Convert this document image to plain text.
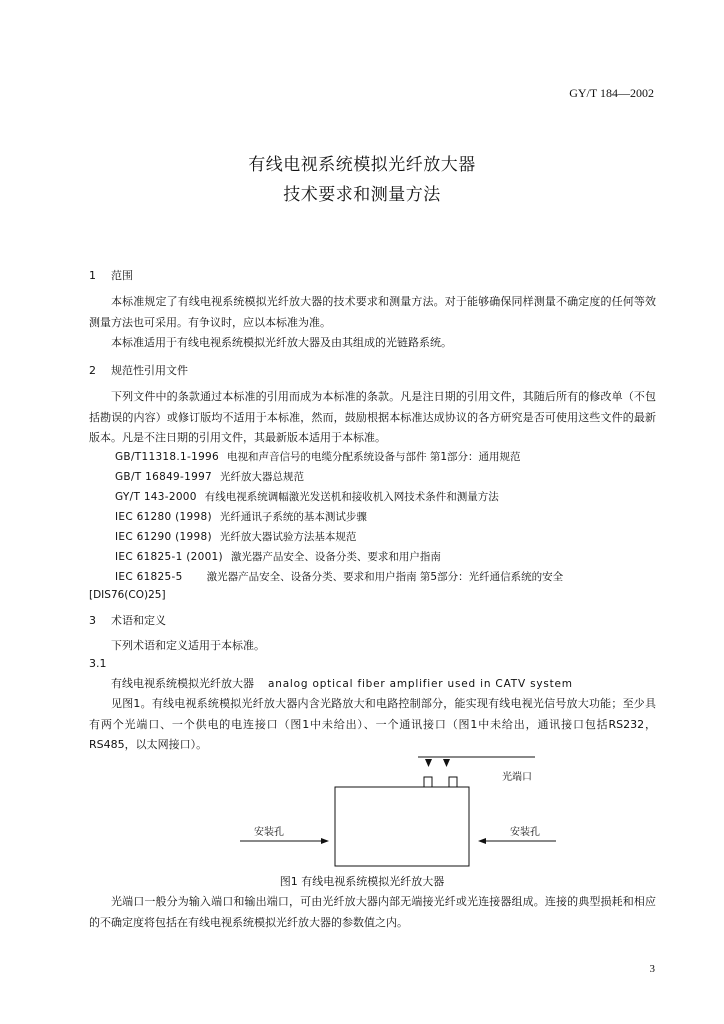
GY/T 184—2002
有线电视系统模拟光纤放大器
技术要求和测量方法
1 范围
本标准规定了有线电视系统模拟光纤放大器的技术要求和测量方法。对于能够确保同样测量不确定度的任何等效测量方法也可采用。有争议时，应以本标准为准。
本标准适用于有线电视系统模拟光纤放大器及由其组成的光链路系统。
2 规范性引用文件
下列文件中的条款通过本标准的引用而成为本标准的条款。凡是注日期的引用文件，其随后所有的修改单（不包括勘误的内容）或修订版均不适用于本标准，然而，鼓励根据本标准达成协议的各方研究是否可使用这些文件的最新版本。凡是不注日期的引用文件，其最新版本适用于本标准。
GB/T11318.1-1996 电视和声音信号的电缆分配系统设备与部件 第1部分：通用规范
GB/T 16849-1997 光纤放大器总规范
GY/T 143-2000 有线电视系统调幅激光发送机和接收机入网技术条件和测量方法
IEC 61280 (1998) 光纤通讯子系统的基本测试步骤
IEC 61290 (1998) 光纤放大器试验方法基本规范
IEC 61825-1 (2001) 激光器产品安全、设备分类、要求和用户指南
IEC 61825-5 激光器产品安全、设备分类、要求和用户指南 第5部分：光纤通信系统的安全
[DIS76(CO)25]
3 术语和定义
下列术语和定义适用于本标准。
3.1
有线电视系统模拟光纤放大器 analog optical fiber amplifier used in CATV system
见图1。有线电视系统模拟光纤放大器内含光路放大和电路控制部分，能实现有线电视光信号放大功能；至少具有两个光端口、一个供电的电连接口（图1中未给出）、一个通讯接口（图1中未给出，通讯接口包括RS232，RS485，以太网接口）。
光端口
安装孔	安装孔
图1 有线电视系统模拟光纤放大器
光端口一般分为输入端口和输出端口，可由光纤放大器内部无端接光纤或光连接器组成。连接的典型损耗和相应的不确定度将包括在有线电视系统模拟光纤放大器的参数值之内。
3
